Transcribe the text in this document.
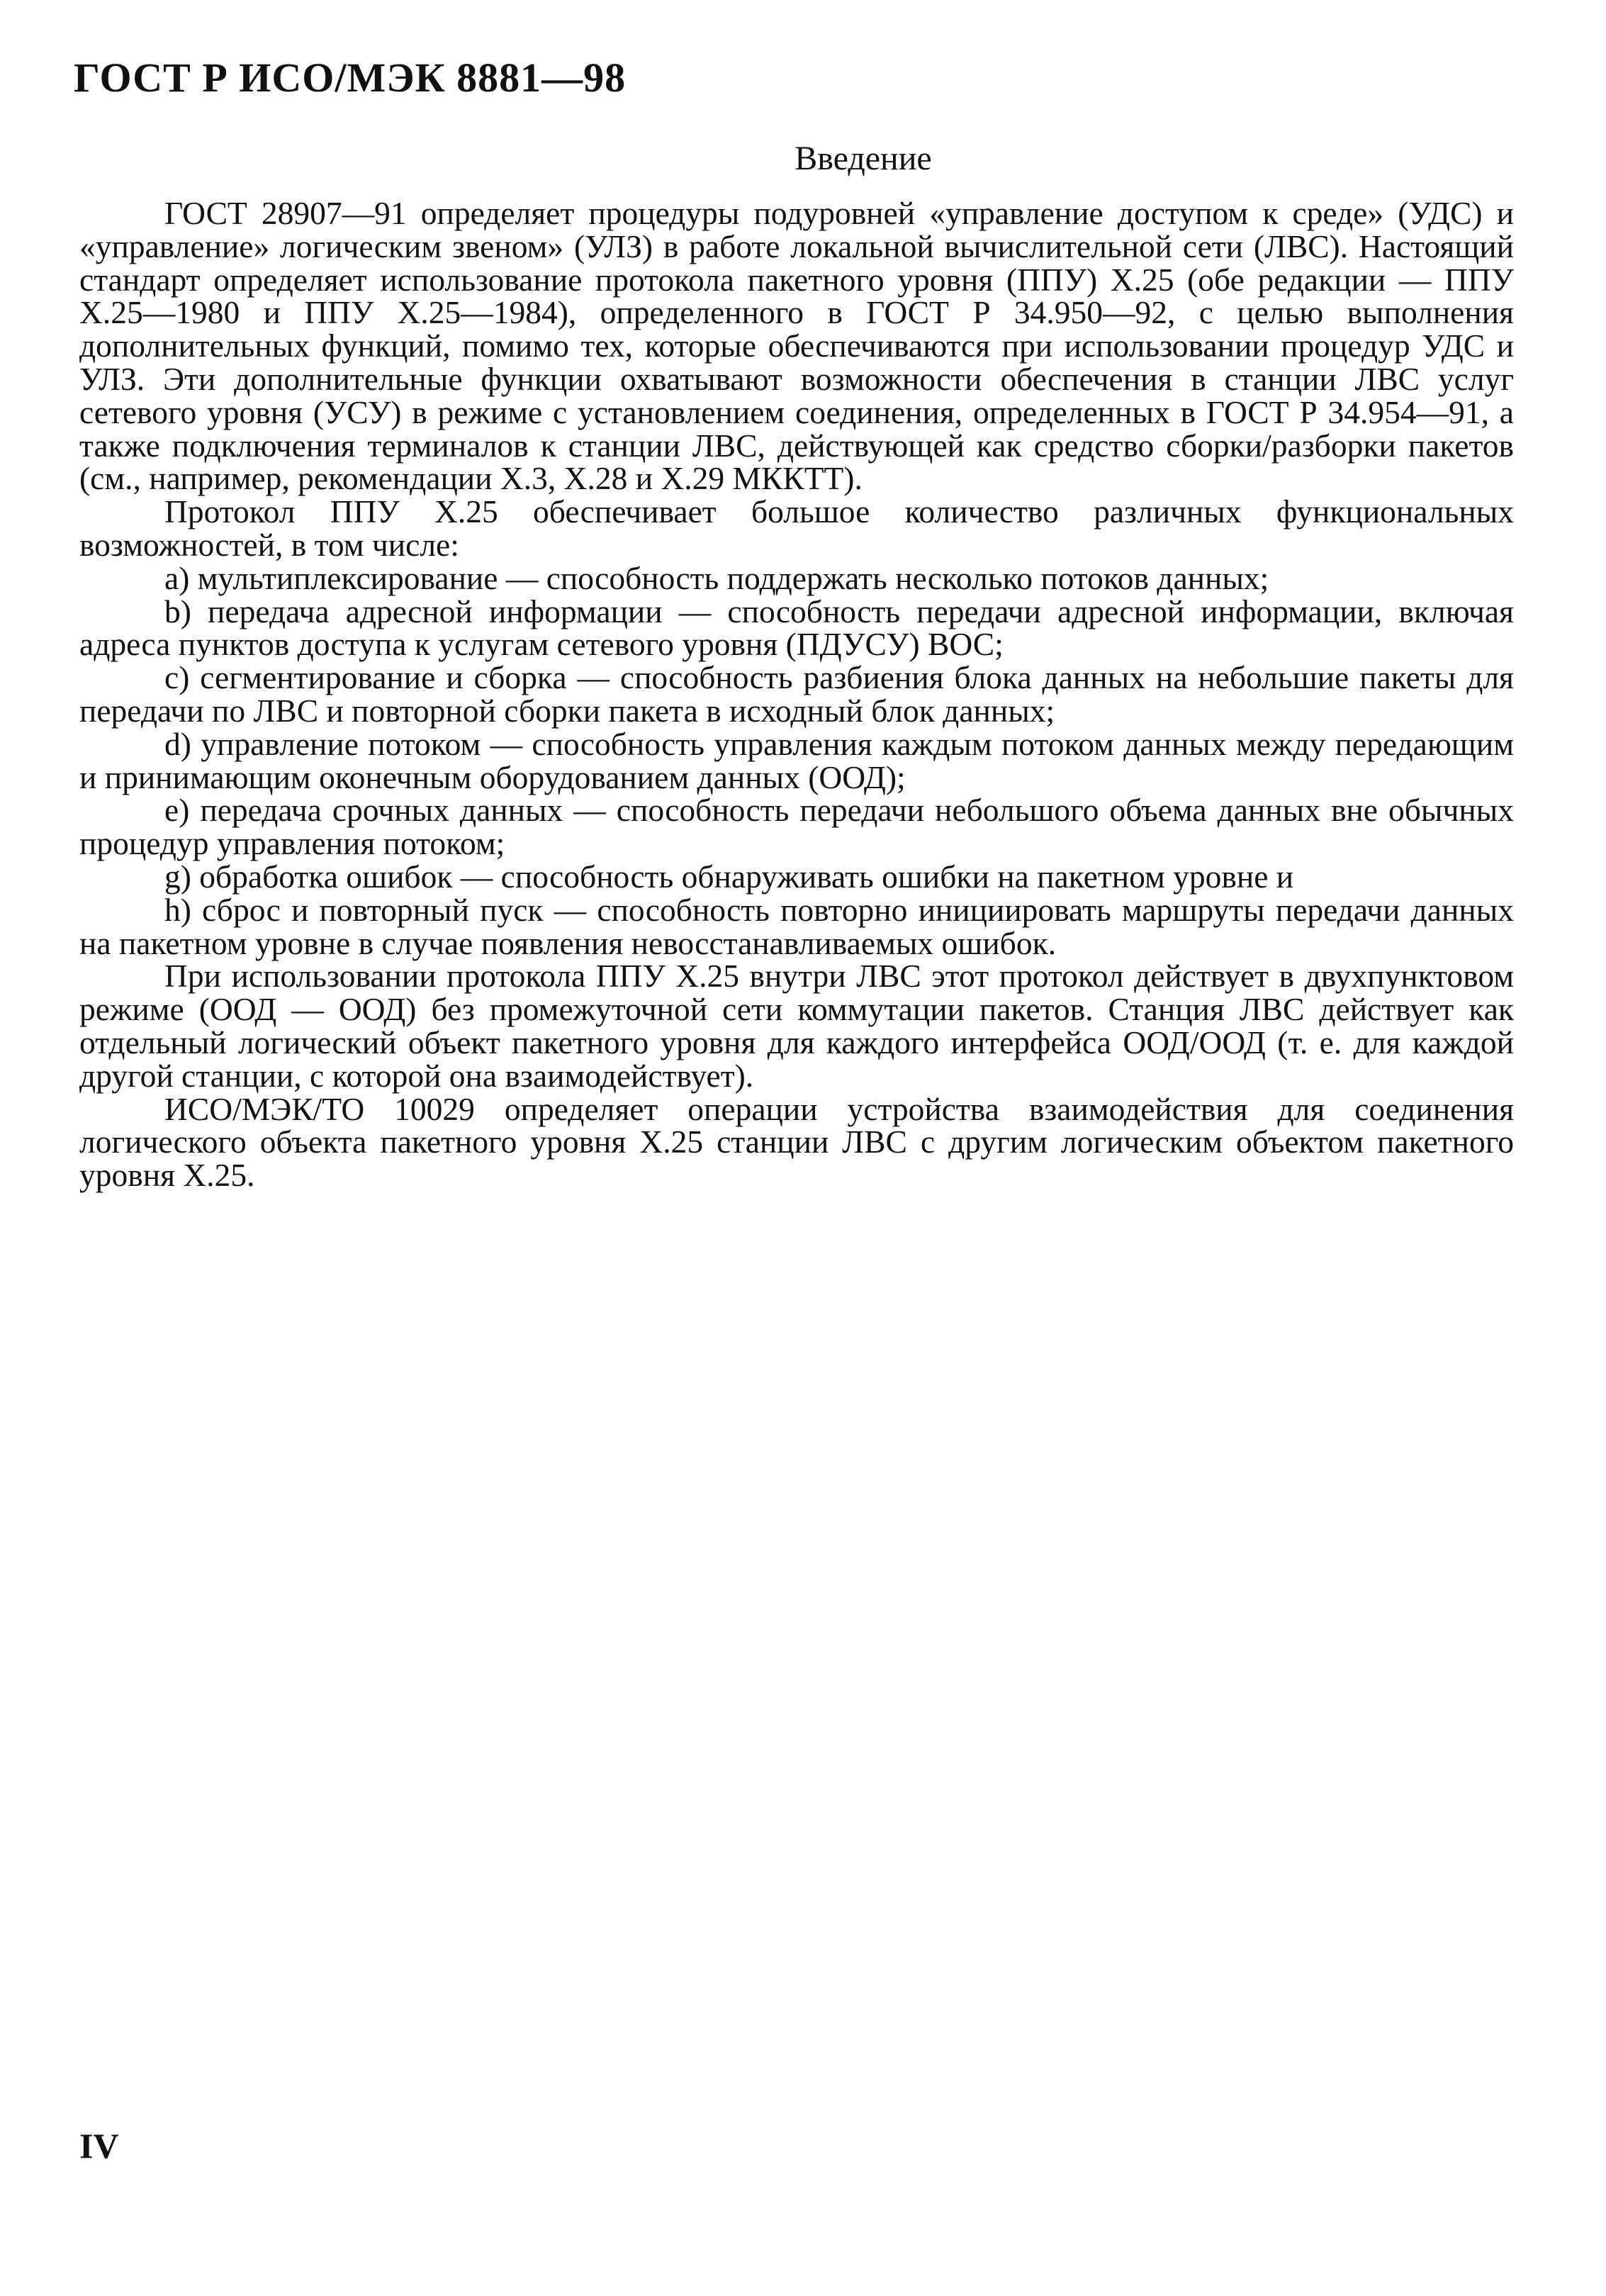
ГОСТ Р ИСО/МЭК 8881—98
Введение

ГОСТ 28907—91 определяет процедуры подуровней «управление доступом к среде» (УДС) и «управление» логическим звеном» (УЛЗ) в работе локальной вычислительной сети (ЛВС). Настоящий стандарт определяет использование протокола пакетного уровня (ППУ) X.25 (обе редакции — ППУ X.25—1980 и ППУ X.25—1984), определенного в ГОСТ Р 34.950—92, с целью выполнения дополнительных функций, помимо тех, которые обеспечиваются при использовании процедур УДС и УЛЗ. Эти дополнительные функции охватывают возможности обеспечения в станции ЛВС услуг сетевого уровня (УСУ) в режиме с установлением соединения, определенных в ГОСТ Р 34.954—91, а также подключения терминалов к станции ЛВС, действующей как средство сборки/разборки пакетов (см., например, рекомендации X.3, X.28 и X.29 МККТТ).

Протокол ППУ X.25 обеспечивает большое количество различных функциональных возможностей, в том числе:

а) мультиплексирование — способность поддержать несколько потоков данных;

b) передача адресной информации — способность передачи адресной информации, включая адреса пунктов доступа к услугам сетевого уровня (ПДУСУ) ВОС;

c) сегментирование и сборка — способность разбиения блока данных на небольшие пакеты для передачи по ЛВС и повторной сборки пакета в исходный блок данных;

d) управление потоком — способность управления каждым потоком данных между передающим и принимающим оконечным оборудованием данных (ООД);

e) передача срочных данных — способность передачи небольшого объема данных вне обычных процедур управления потоком;

g) обработка ошибок — способность обнаруживать ошибки на пакетном уровне и

h) сброс и повторный пуск — способность повторно инициировать маршруты передачи данных на пакетном уровне в случае появления невосстанавливаемых ошибок.

При использовании протокола ППУ X.25 внутри ЛВС этот протокол действует в двухпунктовом режиме (ООД — ООД) без промежуточной сети коммутации пакетов. Станция ЛВС действует как отдельный логический объект пакетного уровня для каждого интерфейса ООД/ООД (т. е. для каждой другой станции, с которой она взаимодействует).

ИСО/МЭК/ТО 10029 определяет операции устройства взаимодействия для соединения логического объекта пакетного уровня X.25 станции ЛВС с другим логическим объектом пакетного уровня X.25.

IV
